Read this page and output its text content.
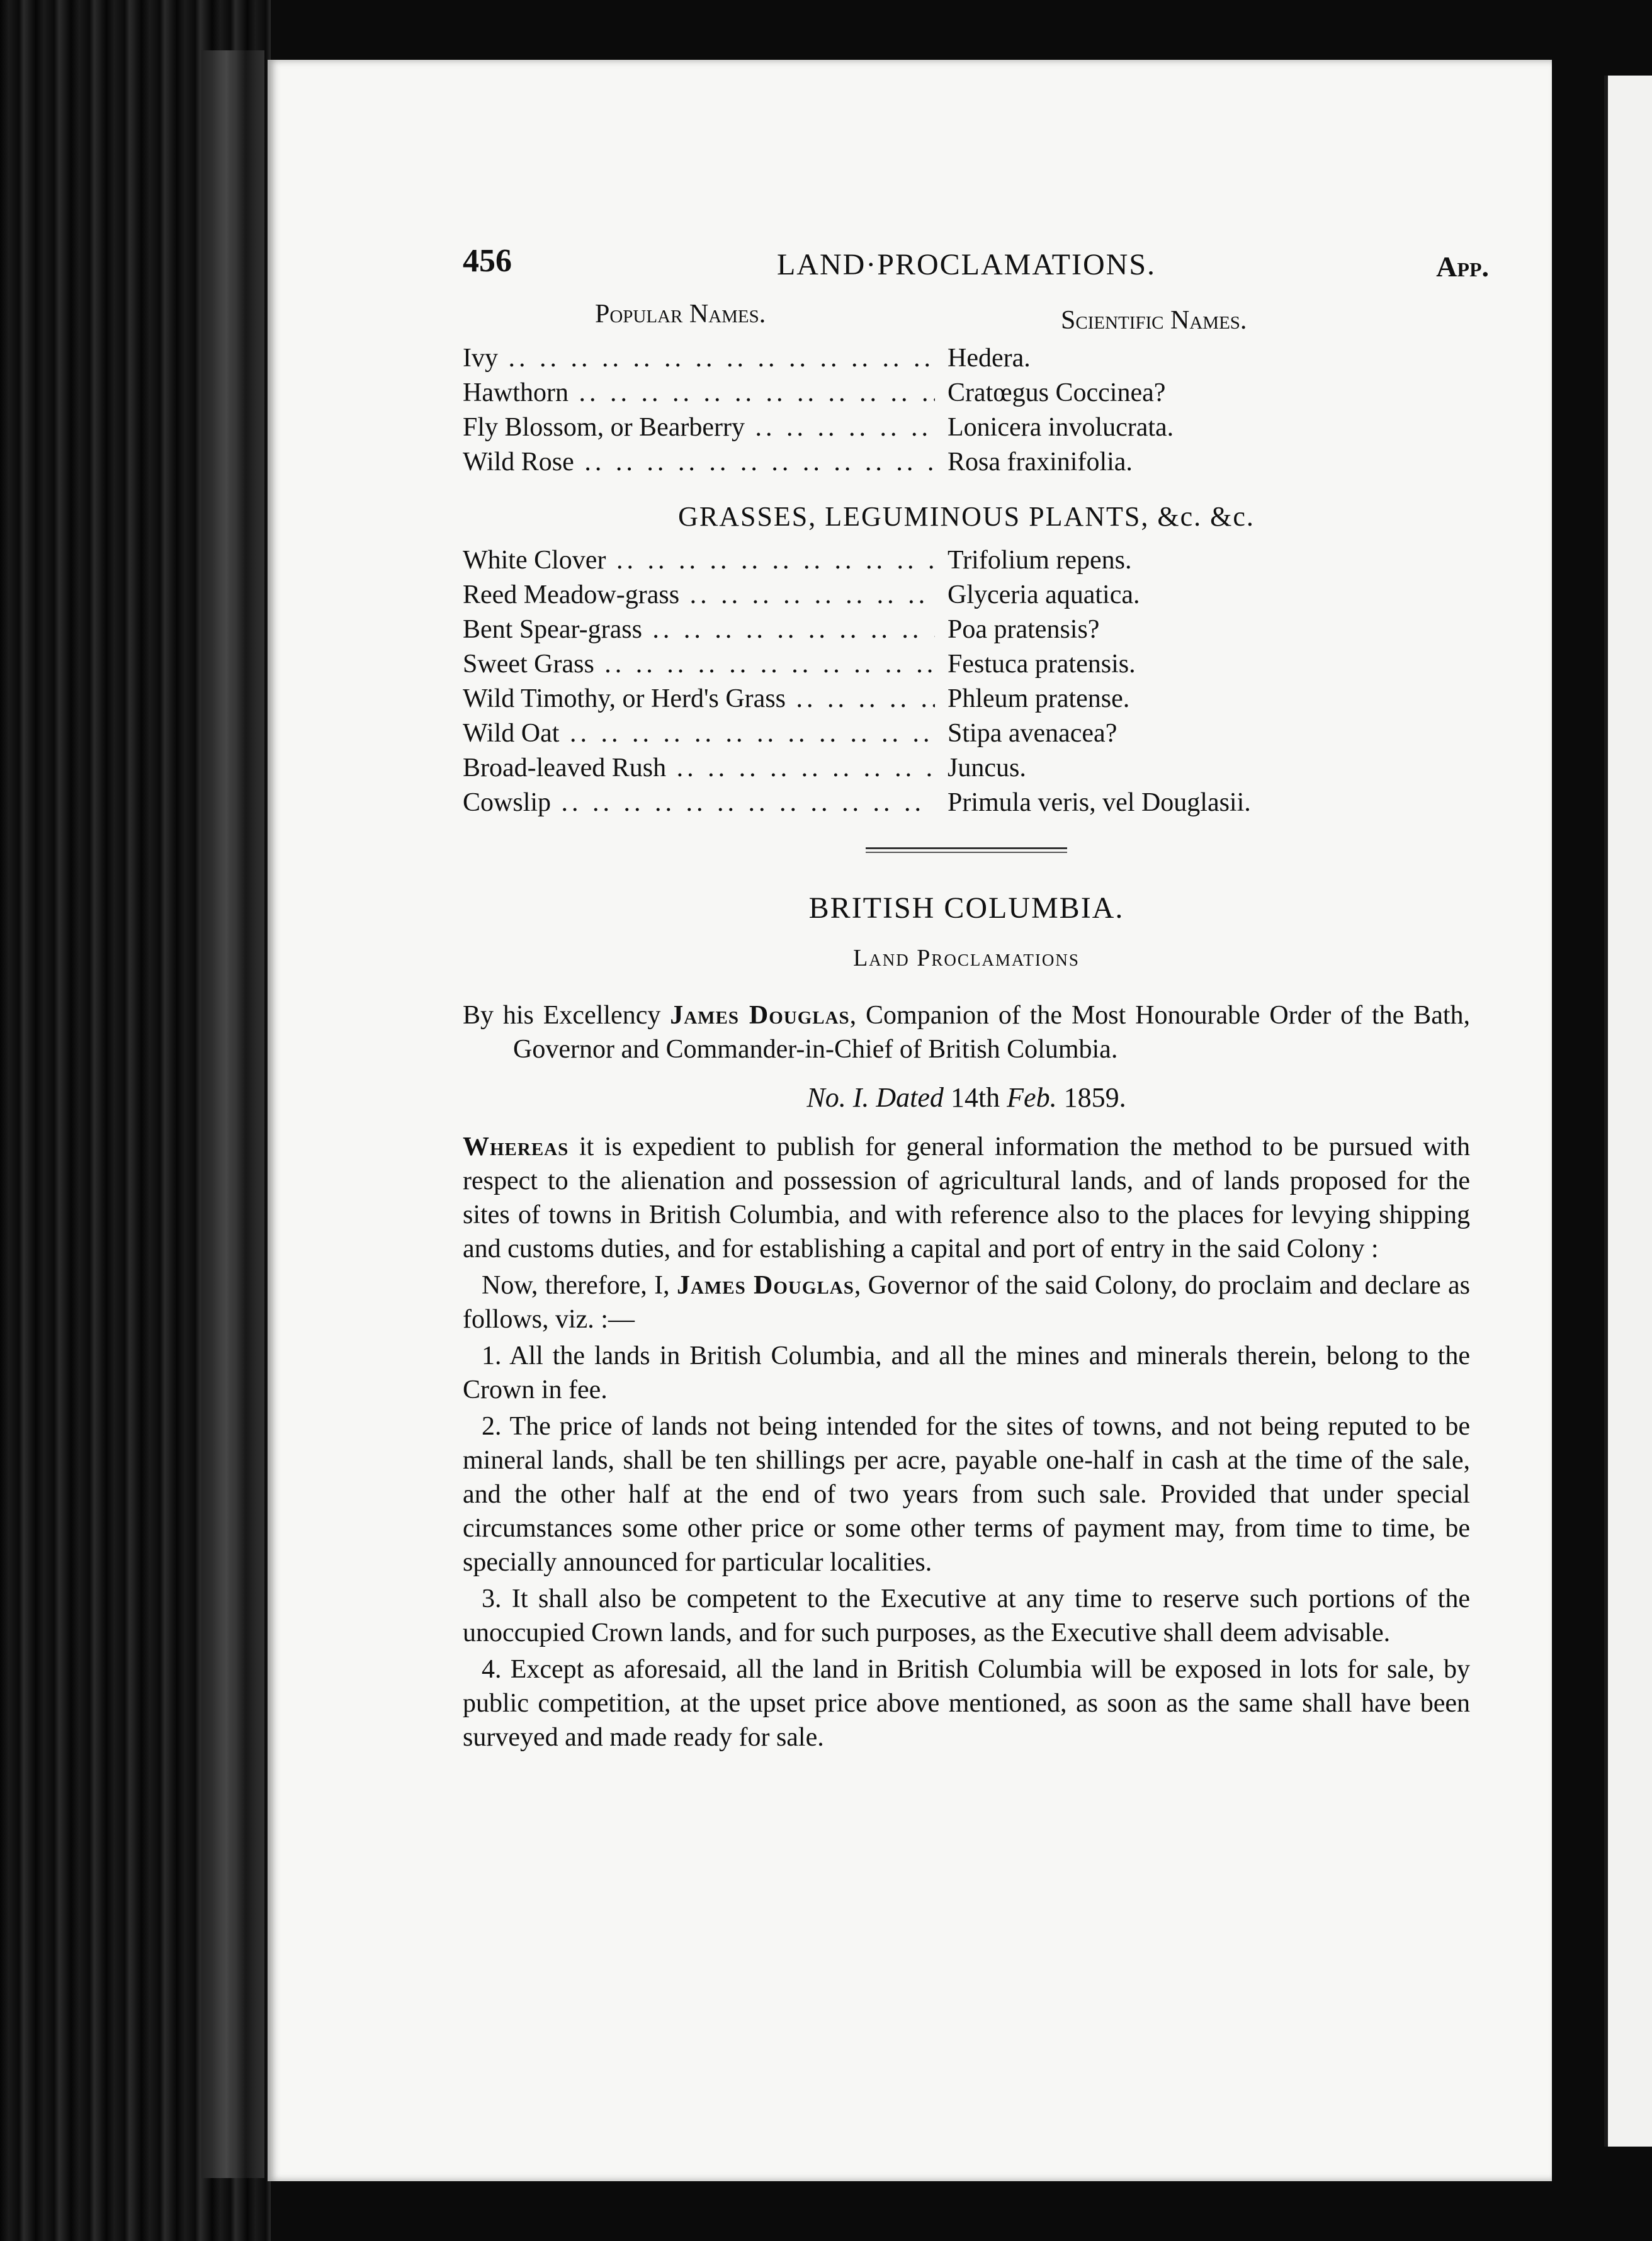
456	LAND·PROCLAMATIONS.	App.
Popular Names.	Scientific Names.
Ivy .. ..	Hedera.
Hawthorn .. ..	Cratœgus Coccinea?
Fly Blossom, or Bearberry .. ..	Lonicera involucrata.
Wild Rose .. ..	Rosa fraxinifolia.
GRASSES, LEGUMINOUS PLANTS, &c. &c.
White Clover .. ..	Trifolium repens.
Reed Meadow-grass .. ..	Glyceria aquatica.
Bent Spear-grass .. ..	Poa pratensis?
Sweet Grass .. ..	Festuca pratensis.
Wild Timothy, or Herd's Grass .. ..	Phleum pratense.
Wild Oat .. ..	Stipa avenacea?
Broad-leaved Rush .. ..	Juncus.
Cowslip .. ..	Primula veris, vel Douglasii.
BRITISH COLUMBIA.
Land Proclamations

By his Excellency James Douglas, Companion of the Most Honourable Order of the Bath, Governor and Commander-in-Chief of British Columbia.

No. I. Dated 14th Feb. 1859.

Whereas it is expedient to publish for general information the method to be pursued with respect to the alienation and possession of agricultural lands, and of lands proposed for the sites of towns in British Columbia, and with reference also to the places for levying shipping and customs duties, and for establishing a capital and port of entry in the said Colony :

Now, therefore, I, James Douglas, Governor of the said Colony, do proclaim and declare as follows, viz. :—

1. All the lands in British Columbia, and all the mines and minerals therein, belong to the Crown in fee.

2. The price of lands not being intended for the sites of towns, and not being reputed to be mineral lands, shall be ten shillings per acre, payable one-half in cash at the time of the sale, and the other half at the end of two years from such sale. Provided that under special circumstances some other price or some other terms of payment may, from time to time, be specially announced for particular localities.

3. It shall also be competent to the Executive at any time to reserve such portions of the unoccupied Crown lands, and for such purposes, as the Executive shall deem advisable.

4. Except as aforesaid, all the land in British Columbia will be exposed in lots for sale, by public competition, at the upset price above mentioned, as soon as the same shall have been surveyed and made ready for sale.
